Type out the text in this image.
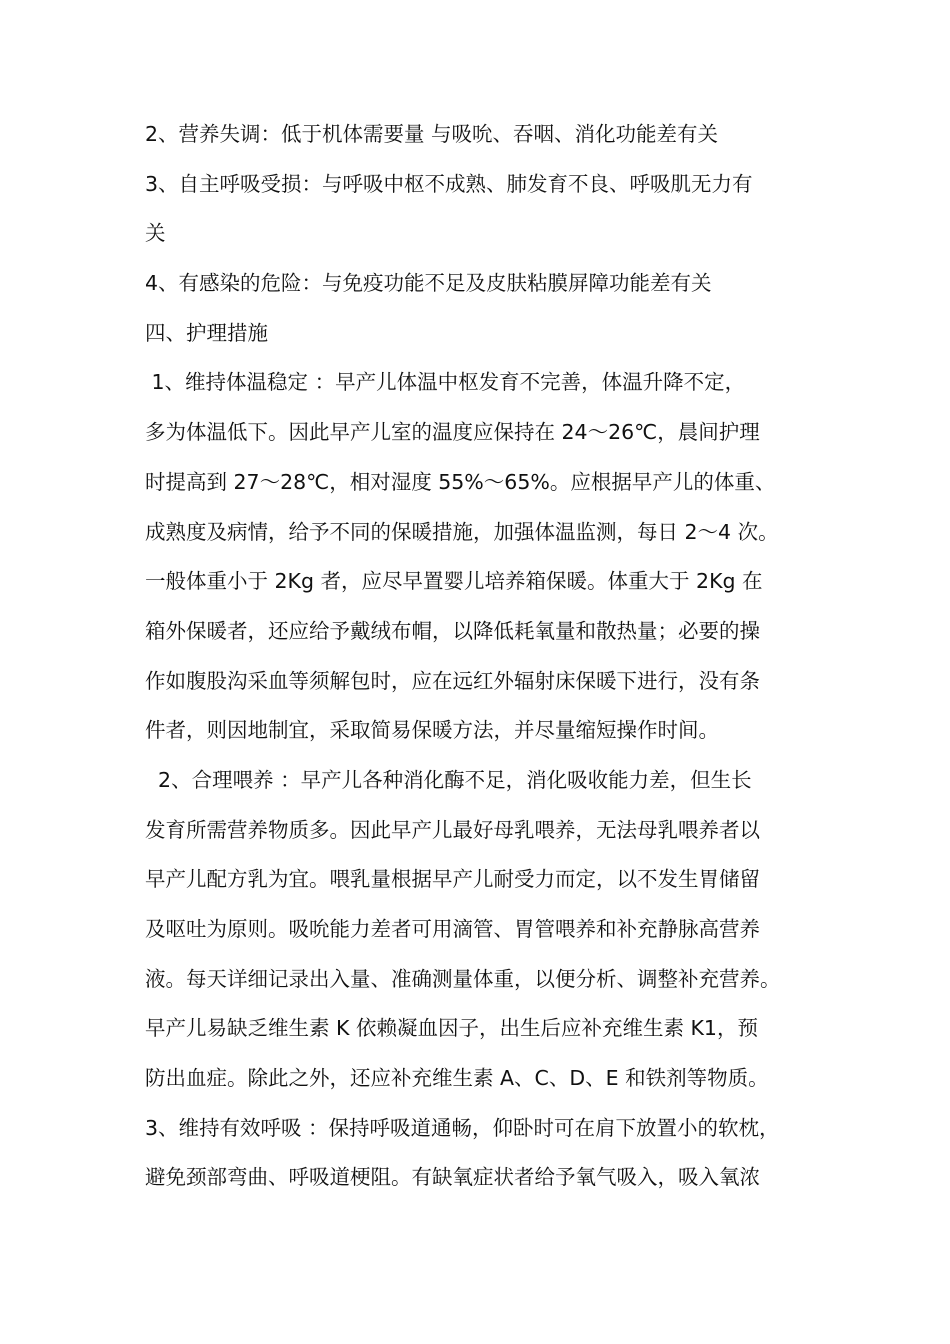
2、营养失调：低于机体需要量 与吸吮、吞咽、消化功能差有关
3、自主呼吸受损：与呼吸中枢不成熟、肺发育不良、呼吸肌无力有
关
4、有感染的危险：与免疫功能不足及皮肤粘膜屏障功能差有关
四、护理措施
1、维持体温稳定 ：早产儿体温中枢发育不完善，体温升降不定，
多为体温低下。因此早产儿室的温度应保持在 24～26℃，晨间护理
时提高到 27～28℃，相对湿度 55%～65%。应根据早产儿的体重、
成熟度及病情，给予不同的保暖措施，加强体温监测，每日 2～4 次。
一般体重小于 2Kg 者，应尽早置婴儿培养箱保暖。体重大于 2Kg 在
箱外保暖者，还应给予戴绒布帽，以降低耗氧量和散热量；必要的操
作如腹股沟采血等须解包时，应在远红外辐射床保暖下进行，没有条
件者，则因地制宜，采取简易保暖方法，并尽量缩短操作时间。
2、合理喂养 ：早产儿各种消化酶不足，消化吸收能力差，但生长
发育所需营养物质多。因此早产儿最好母乳喂养，无法母乳喂养者以
早产儿配方乳为宜。喂乳量根据早产儿耐受力而定，以不发生胃储留
及呕吐为原则。吸吮能力差者可用滴管、胃管喂养和补充静脉高营养
液。每天详细记录出入量、准确测量体重，以便分析、调整补充营养。
早产儿易缺乏维生素 K 依赖凝血因子，出生后应补充维生素 K1，预
防出血症。除此之外，还应补充维生素 A、C、D、E 和铁剂等物质。
3、维持有效呼吸 ：保持呼吸道通畅，仰卧时可在肩下放置小的软枕，
避免颈部弯曲、呼吸道梗阻。有缺氧症状者给予氧气吸入，吸入氧浓
